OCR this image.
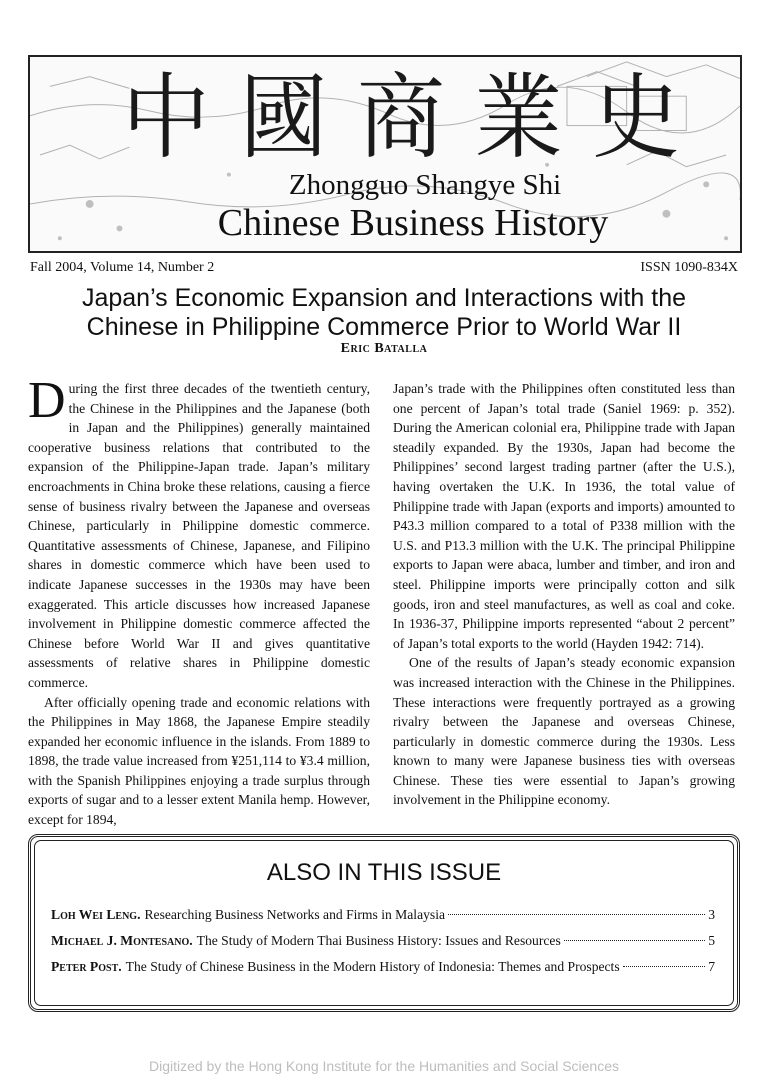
中 國 商 業 史
Zhongguo Shangye Shi
Chinese Business History
Fall 2004, Volume 14, Number 2	ISSN 1090-834X
Japan’s Economic Expansion and Interactions with the
Chinese in Philippine Commerce Prior to World War II
Eric Batalla

During the first three decades of the twentieth century, the Chinese in the Philippines and the Japanese (both in Japan and the Philippines) generally maintained cooperative business relations that contributed to the expansion of the Philippine-Japan trade. Japan’s military encroachments in China broke these relations, causing a fierce sense of business rivalry between the Japanese and overseas Chinese, particularly in Philippine domestic commerce. Quantitative assessments of Chinese, Japanese, and Filipino shares in domestic commerce which have been used to indicate Japanese successes in the 1930s may have been exaggerated. This article discusses how increased Japanese involvement in Philippine domestic commerce affected the Chinese before World War II and gives quantitative assessments of relative shares in Philippine domestic commerce.

After officially opening trade and economic relations with the Philippines in May 1868, the Japanese Empire steadily expanded her economic influence in the islands. From 1889 to 1898, the trade value increased from ¥251,114 to ¥3.4 million, with the Spanish Philippines enjoying a trade surplus through exports of sugar and to a lesser extent Manila hemp. However, except for 1894,

Japan’s trade with the Philippines often constituted less than one percent of Japan’s total trade (Saniel 1969: p. 352). During the American colonial era, Philippine trade with Japan steadily expanded. By the 1930s, Japan had become the Philippines’ second largest trading partner (after the U.S.), having overtaken the U.K. In 1936, the total value of Philippine trade with Japan (exports and imports) amounted to P43.3 million compared to a total of P338 million with the U.S. and P13.3 million with the U.K. The principal Philippine exports to Japan were abaca, lumber and timber, and iron and steel. Philippine imports were principally cotton and silk goods, iron and steel manufactures, as well as coal and coke. In 1936-37, Philippine imports represented “about 2 percent” of Japan’s total exports to the world (Hayden 1942: 714).

One of the results of Japan’s steady economic expansion was increased interaction with the Chinese in the Philippines. These interactions were frequently portrayed as a growing rivalry between the Japanese and overseas Chinese, particularly in domestic commerce during the 1930s. Less known to many were Japanese business ties with overseas Chinese. These ties were essential to Japan’s growing involvement in the Philippine economy.

ALSO IN THIS ISSUE
Loh Wei Leng. Researching Business Networks and Firms in Malaysia	3
Michael J. Montesano. The Study of Modern Thai Business History: Issues and Resources	5
Peter Post. The Study of Chinese Business in the Modern History of Indonesia: Themes and Prospects	7
Digitized by the Hong Kong Institute for the Humanities and Social Sciences
